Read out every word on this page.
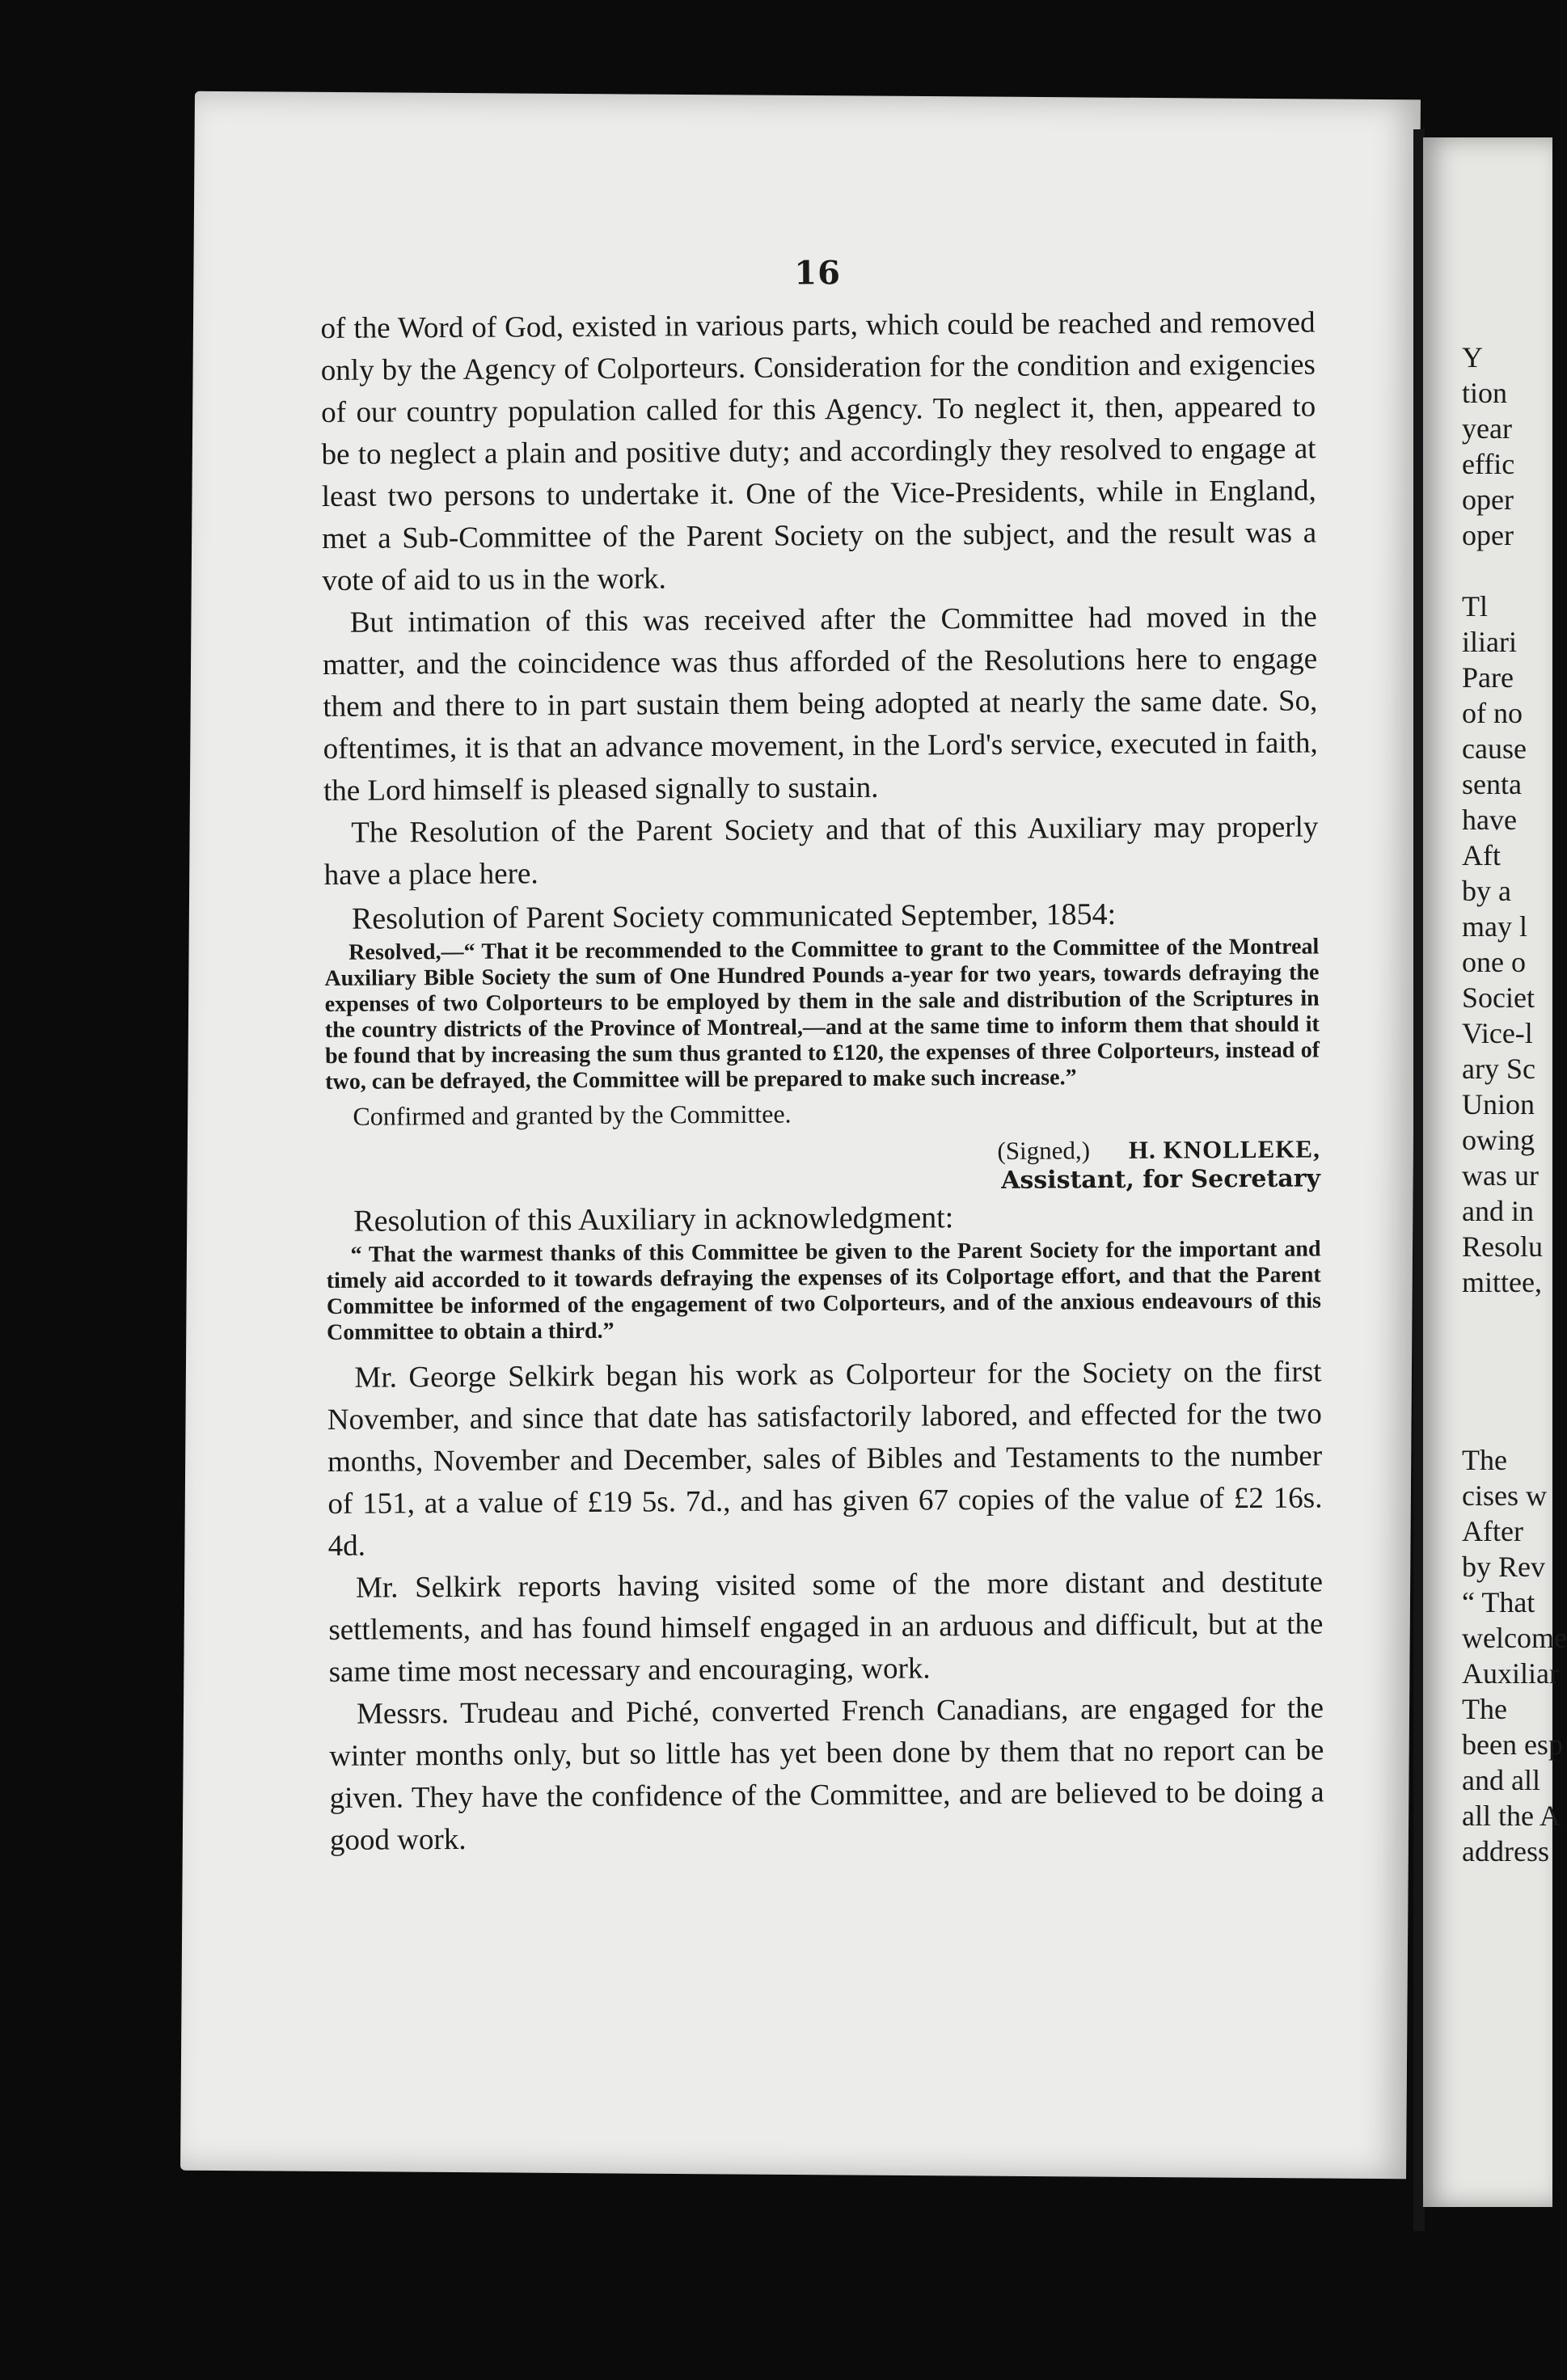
16

of the Word of God, existed in various parts, which could be reached and removed only by the Agency of Colporteurs. Consideration for the condition and exigencies of our country population called for this Agency. To neglect it, then, appeared to be to neglect a plain and positive duty; and accordingly they resolved to engage at least two persons to undertake it. One of the Vice-Presidents, while in England, met a Sub-Committee of the Parent Society on the subject, and the result was a vote of aid to us in the work.

But intimation of this was received after the Committee had moved in the matter, and the coincidence was thus afforded of the Resolutions here to engage them and there to in part sustain them being adopted at nearly the same date. So, oftentimes, it is that an advance movement, in the Lord's service, executed in faith, the Lord himself is pleased signally to sustain.

The Resolution of the Parent Society and that of this Auxiliary may properly have a place here.

Resolution of Parent Society communicated September, 1854:

Resolved,—“ That it be recommended to the Committee to grant to the Committee of the Montreal Auxiliary Bible Society the sum of One Hundred Pounds a-year for two years, towards defraying the expenses of two Colporteurs to be employed by them in the sale and distribution of the Scriptures in the country districts of the Province of Montreal,—and at the same time to inform them that should it be found that by increasing the sum thus granted to £120, the expenses of three Colporteurs, instead of two, can be defrayed, the Committee will be prepared to make such increase.”

Confirmed and granted by the Committee.
(Signed,) H. KNOLLEKE,
Assistant, for Secretary

Resolution of this Auxiliary in acknowledgment:

“ That the warmest thanks of this Committee be given to the Parent Society for the important and timely aid accorded to it towards defraying the expenses of its Colportage effort, and that the Parent Committee be informed of the engagement of two Colporteurs, and of the anxious endeavours of this Committee to obtain a third.”

Mr. George Selkirk began his work as Colporteur for the Society on the first November, and since that date has satisfactorily labored, and effected for the two months, November and December, sales of Bibles and Testaments to the number of 151, at a value of £19 5s. 7d., and has given 67 copies of the value of £2 16s. 4d.

Mr. Selkirk reports having visited some of the more distant and destitute settlements, and has found himself engaged in an arduous and difficult, but at the same time most necessary and encouraging, work.

Messrs. Trudeau and Piché, converted French Canadians, are engaged for the winter months only, but so little has yet been done by them that no report can be given. They have the confidence of the Committee, and are believed to be doing a good work.

Y
tion
year
effic
oper
oper
Tl
iliari
Pare
of no
cause
senta
have
Aft
by a
may l
one o
Societ
Vice-l
ary Sc
Union
owing
was ur
and in
Resolu
mittee,
The
cises w
After
by Rev
“ That
welcome
Auxiliar
The
been esp
and all
all the A
address
